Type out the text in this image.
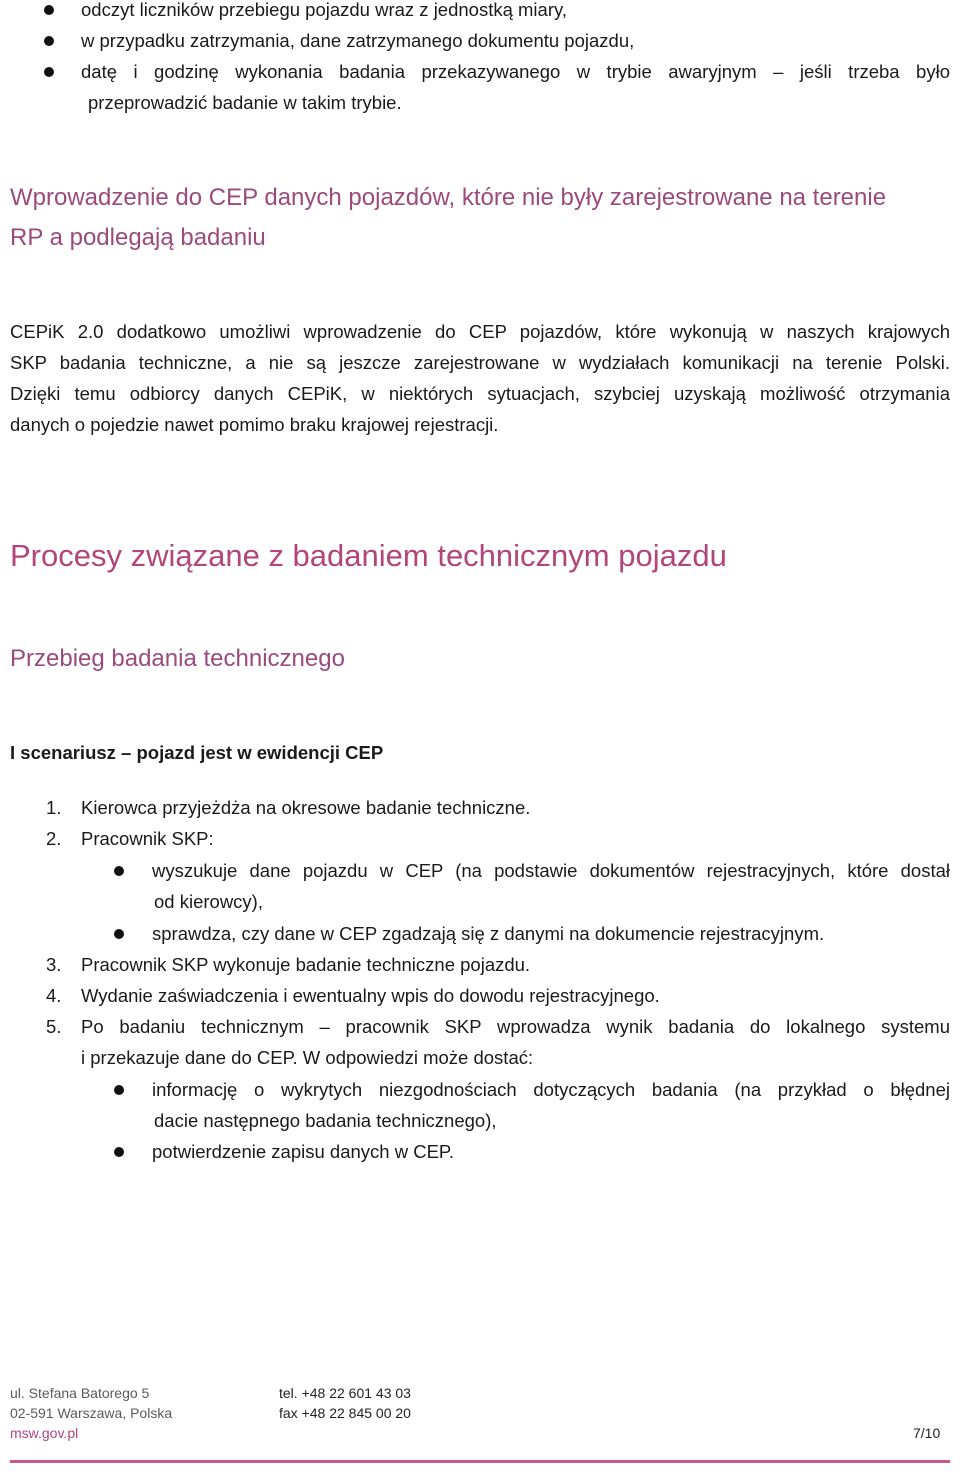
odczyt liczników przebiegu pojazdu wraz z jednostką miary,
w przypadku zatrzymania, dane zatrzymanego dokumentu pojazdu,
datę i godzinę wykonania badania przekazywanego w trybie awaryjnym – jeśli trzeba było
przeprowadzić badanie w takim trybie.
Wprowadzenie do CEP danych pojazdów, które nie były zarejestrowane na terenie
RP a podlegają badaniu
CEPiK 2.0 dodatkowo umożliwi wprowadzenie do CEP pojazdów, które wykonują w naszych krajowych
SKP badania techniczne, a nie są jeszcze zarejestrowane w wydziałach komunikacji na terenie Polski.
Dzięki temu odbiorcy danych CEPiK, w niektórych sytuacjach, szybciej uzyskają możliwość otrzymania
danych o pojedzie nawet pomimo braku krajowej rejestracji.
Procesy związane z badaniem technicznym pojazdu
Przebieg badania technicznego
I scenariusz – pojazd jest w ewidencji CEP
1. Kierowca przyjeżdża na okresowe badanie techniczne.
2. Pracownik SKP:
wyszukuje dane pojazdu w CEP (na podstawie dokumentów rejestracyjnych, które dostał
od kierowcy),
sprawdza, czy dane w CEP zgadzają się z danymi na dokumencie rejestracyjnym.
3. Pracownik SKP wykonuje badanie techniczne pojazdu.
4. Wydanie zaświadczenia i ewentualny wpis do dowodu rejestracyjnego.
5. Po badaniu technicznym – pracownik SKP wprowadza wynik badania do lokalnego systemu
i przekazuje dane do CEP. W odpowiedzi może dostać:
informację o wykrytych niezgodnościach dotyczących badania (na przykład o błędnej
dacie następnego badania technicznego),
potwierdzenie zapisu danych w CEP.
ul. Stefana Batorego 5
02-591 Warszawa, Polska
tel. +48 22 601 43 03
fax +48 22 845 00 20
msw.gov.pl	7/10
